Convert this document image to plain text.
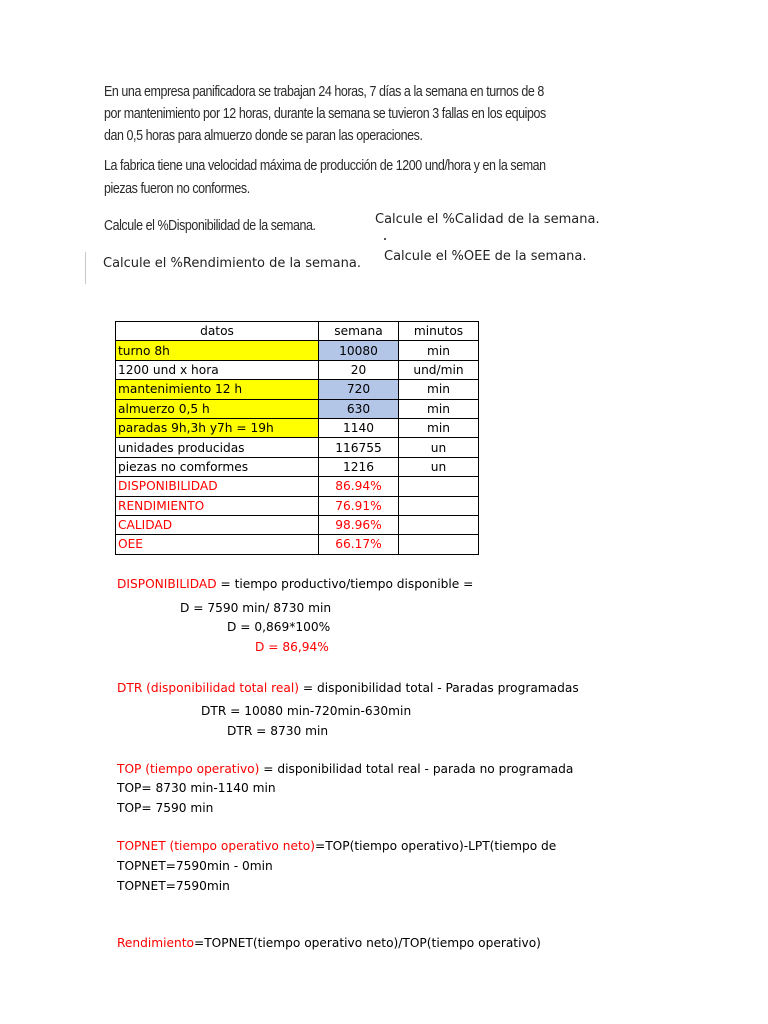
En una empresa panificadora se trabajan 24 horas, 7 días a la semana en turnos de 8
por mantenimiento por 12 horas, durante la semana se tuvieron 3 fallas en los equipos
dan 0,5 horas para almuerzo donde se paran las operaciones.
La fabrica tiene una velocidad máxima de producción de 1200 und/hora y en la seman
piezas fueron no conformes.
Calcule el %Disponibilidad de la semana.	Calcule el %Calidad de la semana.
Calcule el %Rendimiento de la semana. Calcule el %OEE de la semana.
datos	semana	minutos
turno 8h	10080	min
1200 und x hora	20	und/min
mantenimiento 12 h	720	min
almuerzo 0,5 h	630	min
paradas 9h,3h y7h = 19h	1140	min
unidades producidas	116755	un
piezas no comformes	1216	un
DISPONIBILIDAD	86.94%	
RENDIMIENTO	76.91%	
CALIDAD	98.96%	
OEE	66.17%	
DISPONIBILIDAD = tiempo productivo/tiempo disponible =
D = 7590 min/ 8730 min
D = 0,869*100%
D = 86,94%
DTR (disponibilidad total real) = disponibilidad total - Paradas programadas
DTR = 10080 min-720min-630min
DTR = 8730 min
TOP (tiempo operativo) = disponibilidad total real - parada no programada
TOP= 8730 min-1140 min
TOP= 7590 min
TOPNET (tiempo operativo neto)=TOP(tiempo operativo)-LPT(tiempo de
TOPNET=7590min - 0min
TOPNET=7590min
Rendimiento=TOPNET(tiempo operativo neto)/TOP(tiempo operativo)
